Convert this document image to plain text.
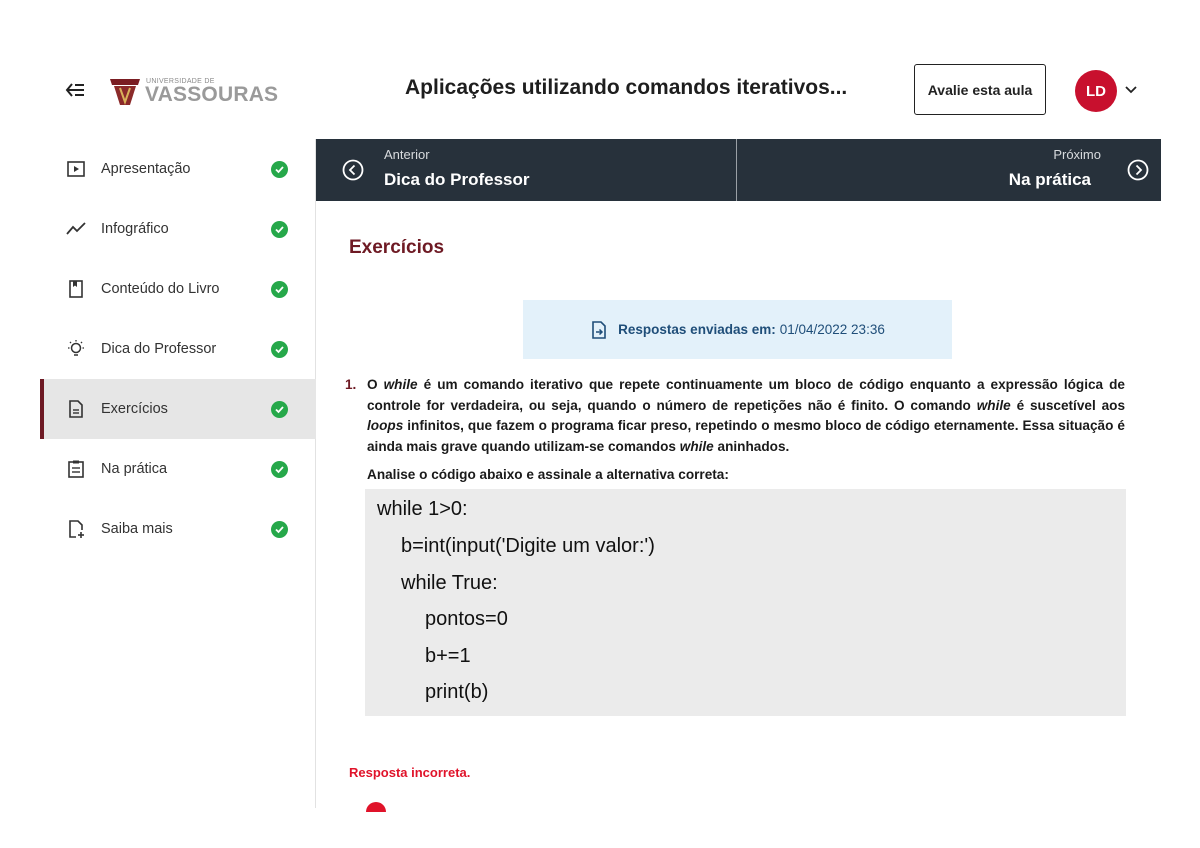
UNIVERSIDADE DE
VASSOURAS	Aplicações utilizando comandos iterativos...	Avalie esta aula	LD
Apresentação
Infográfico
Conteúdo do Livro
Dica do Professor
Exercícios
Na prática
Saiba mais
Anterior
Dica do Professor
Próximo
Na prática
Exercícios
Respostas enviadas em: 01/04/2022 23:36
1. O while é um comando iterativo que repete continuamente um bloco de código enquanto a expressão lógica de controle for verdadeira, ou seja, quando o número de repetições não é finito. O comando while é suscetível aos loops infinitos, que fazem o programa ficar preso, repetindo o mesmo bloco de código eternamente. Essa situação é ainda mais grave quando utilizam-se comandos while aninhados.
Analise o código abaixo e assinale a alternativa correta:
while 1>0:
b=int(input('Digite um valor:')
while True:
pontos=0
b+=1
print(b)
Resposta incorreta.
